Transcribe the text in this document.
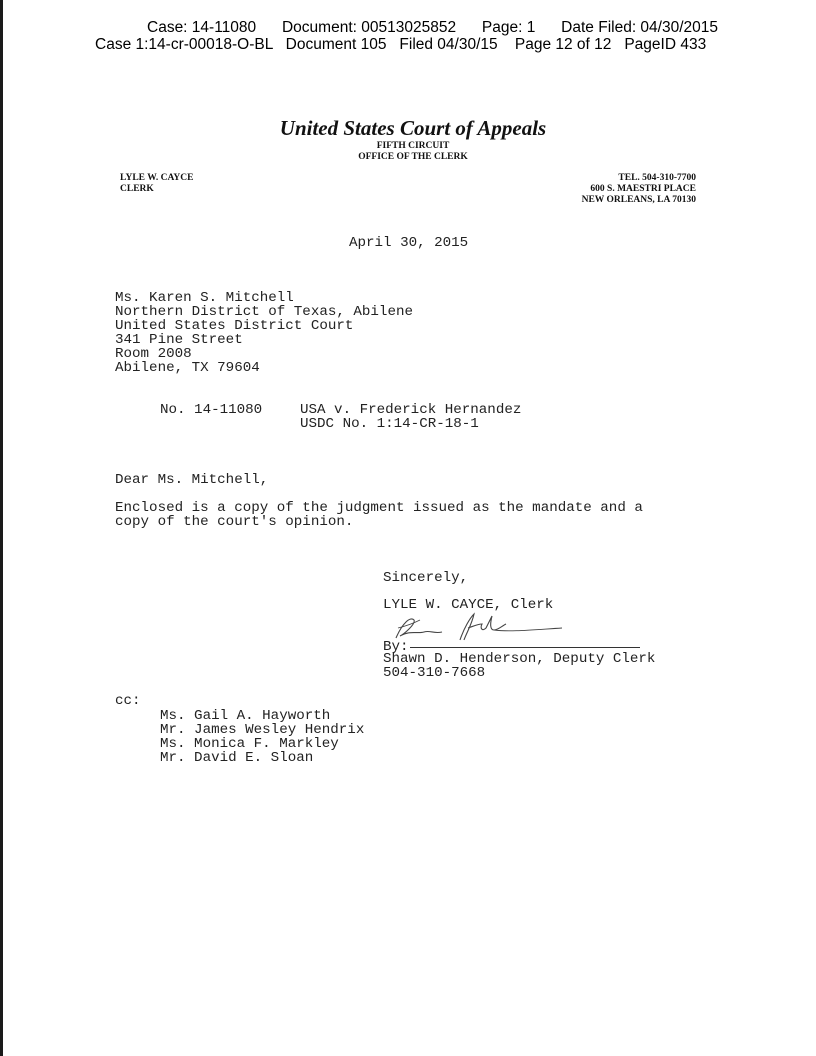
Case: 14-11080      Document: 00513025852      Page: 1      Date Filed: 04/30/2015
Case 1:14-cr-00018-O-BL   Document 105   Filed 04/30/15    Page 12 of 12   PageID 433
United States Court of Appeals
FIFTH CIRCUIT
OFFICE OF THE CLERK
LYLE W. CAYCE
CLERK
TEL. 504-310-7700
600 S. MAESTRI PLACE
NEW ORLEANS, LA 70130
April 30, 2015
Ms. Karen S. Mitchell
Northern District of Texas, Abilene
United States District Court
341 Pine Street
Room 2008
Abilene, TX 79604
No. 14-11080	USA v. Frederick Hernandez
USDC No. 1:14-CR-18-1
Dear Ms. Mitchell,
Enclosed is a copy of the judgment issued as the mandate and a
copy of the court's opinion.
Sincerely,
LYLE W. CAYCE, Clerk
By:
Shawn D. Henderson, Deputy Clerk
504-310-7668
cc:
Ms. Gail A. Hayworth
Mr. James Wesley Hendrix
Ms. Monica F. Markley
Mr. David E. Sloan
